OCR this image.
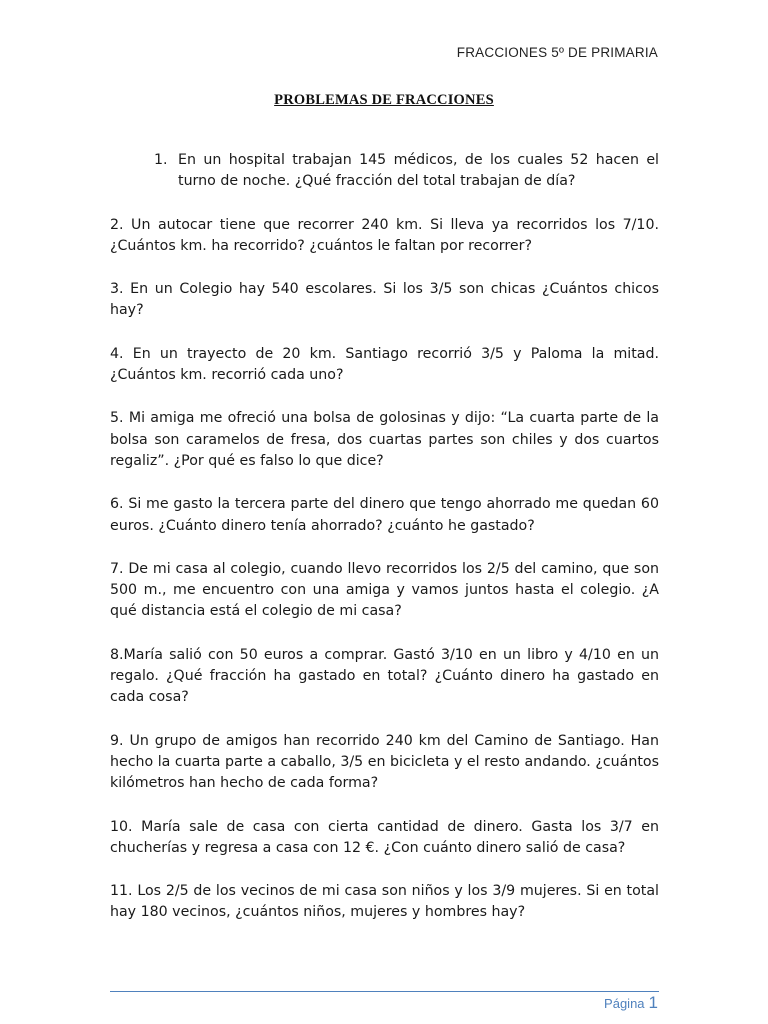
FRACCIONES 5º DE PRIMARIA
PROBLEMAS DE FRACCIONES
1. En un hospital trabajan 145 médicos, de los cuales 52 hacen el turno de noche. ¿Qué fracción del total trabajan de día?

2. Un autocar tiene que recorrer 240 km. Si lleva ya recorridos los 7/10. ¿Cuántos km. ha recorrido? ¿cuántos le faltan por recorrer?

3. En un Colegio hay 540 escolares. Si los 3/5 son chicas ¿Cuántos chicos hay?

4. En un trayecto de 20 km. Santiago recorrió 3/5 y Paloma la mitad. ¿Cuántos km. recorrió cada uno?

5. Mi amiga me ofreció una bolsa de golosinas y dijo: “La cuarta parte de la bolsa son caramelos de fresa, dos cuartas partes son chiles y dos cuartos regaliz”. ¿Por qué es falso lo que dice?

6. Si me gasto la tercera parte del dinero que tengo ahorrado me quedan 60 euros. ¿Cuánto dinero tenía ahorrado? ¿cuánto he gastado?

7. De mi casa al colegio, cuando llevo recorridos los 2/5 del camino, que son 500 m., me encuentro con una amiga y vamos juntos hasta el colegio. ¿A qué distancia está el colegio de mi casa?

8.María salió con 50 euros a comprar. Gastó 3/10 en un libro y 4/10 en un regalo. ¿Qué fracción ha gastado en total? ¿Cuánto dinero ha gastado en cada cosa?

9. Un grupo de amigos han recorrido 240 km del Camino de Santiago. Han hecho la cuarta parte a caballo, 3/5 en bicicleta y el resto andando. ¿cuántos kilómetros han hecho de cada forma?

10. María sale de casa con cierta cantidad de dinero. Gasta los 3/7 en chucherías y regresa a casa con 12 €. ¿Con cuánto dinero salió de casa?

11. Los 2/5 de los vecinos de mi casa son niños y los 3/9 mujeres. Si en total hay 180 vecinos, ¿cuántos niños, mujeres y hombres hay?

Página 1
